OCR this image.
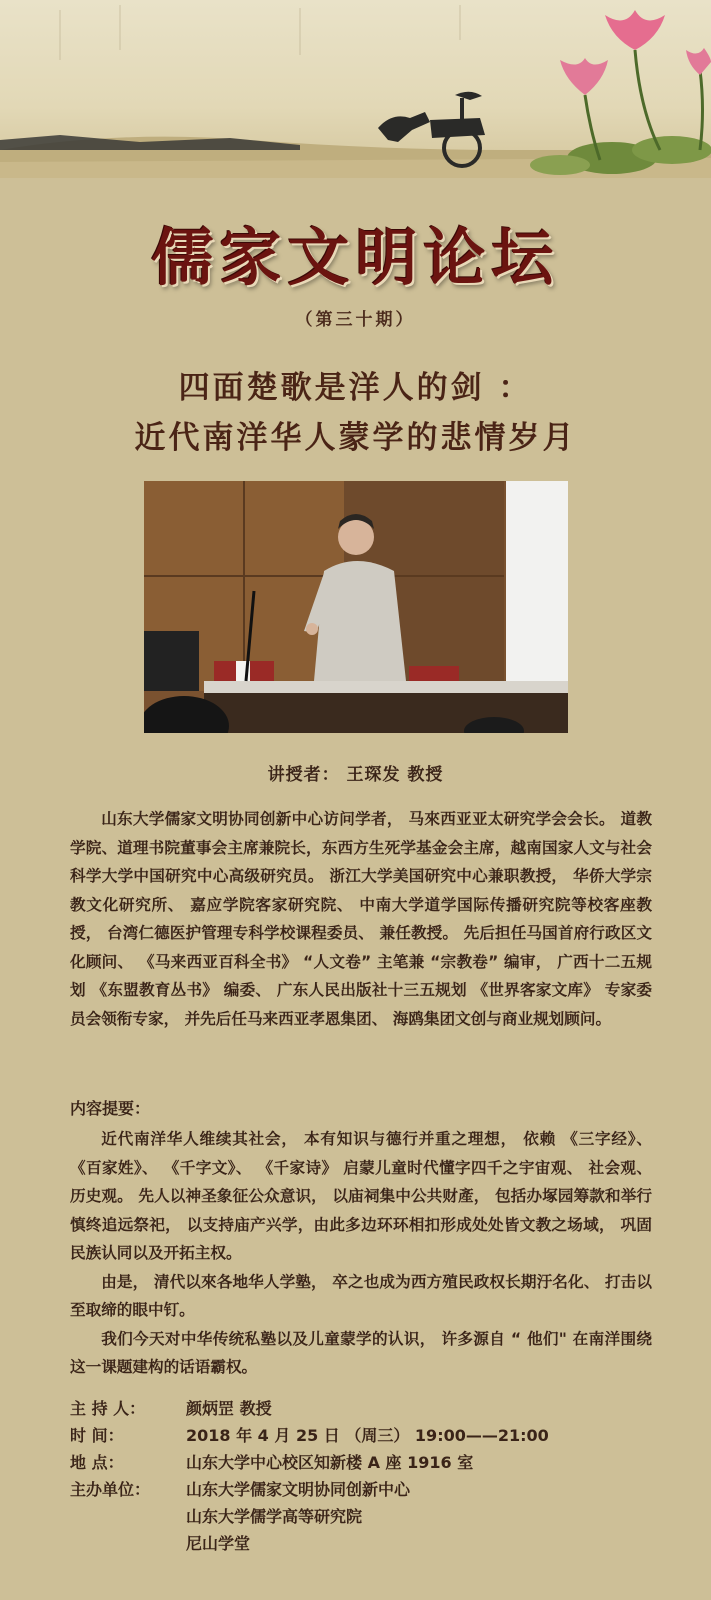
儒家文明论坛
（第三十期）
四面楚歌是洋人的剑 ：
近代南洋华人蒙学的悲情岁月
讲授者： 王琛发 教授

山东大学儒家文明协同创新中心访问学者， 马來西亚亚太研究学会会长。 道教学院、道理书院董事会主席兼院长，东西方生死学基金会主席，越南国家人文与社会科学大学中国研究中心高级研究员。 浙江大学美国研究中心兼职教授， 华侨大学宗教文化研究所、 嘉应学院客家研究院、 中南大学道学国际传播研究院等校客座教授， 台湾仁德医护管理专科学校课程委员、 兼任教授。 先后担任马国首府行政区文化顾问、 《马来西亚百科全书》 “人文卷” 主笔兼 “宗教卷” 编审， 广西十二五规划 《东盟教育丛书》 编委、 广东人民出版社十三五规划 《世界客家文库》 专家委员会领衔专家， 并先后任马来西亚孝恩集团、 海鸥集团文创与商业规划顾问。

内容提要：

近代南洋华人维续其社会， 本有知识与德行并重之理想， 依赖 《三字经》、 《百家姓》、 《千字文》、 《千家诗》 启蒙儿童时代懂字四千之宇宙观、 社会观、 历史观。 先人以神圣象征公众意识， 以庙祠集中公共财產， 包括办塚园筹款和举行慎终追远祭祀， 以支持庙产兴学，由此多边环环相扣形成处处皆文教之场域， 巩固民族认同以及开拓主权。

由是， 清代以來各地华人学塾， 卒之也成为西方殖民政权长期汙名化、 打击以至取缔的眼中钉。

我们今天对中华传统私塾以及儿童蒙学的认识， 许多源自 “ 他们" 在南洋围绕这一课题建构的话语霸权。

主 持 人：	颜炳罡 教授
时 间：	2018 年 4 月 25 日 （周三） 19:00——21:00
地 点：	山东大学中心校区知新楼 A 座 1916 室
主办单位：	山东大学儒家文明协同创新中心
山东大学儒学高等研究院
尼山学堂
